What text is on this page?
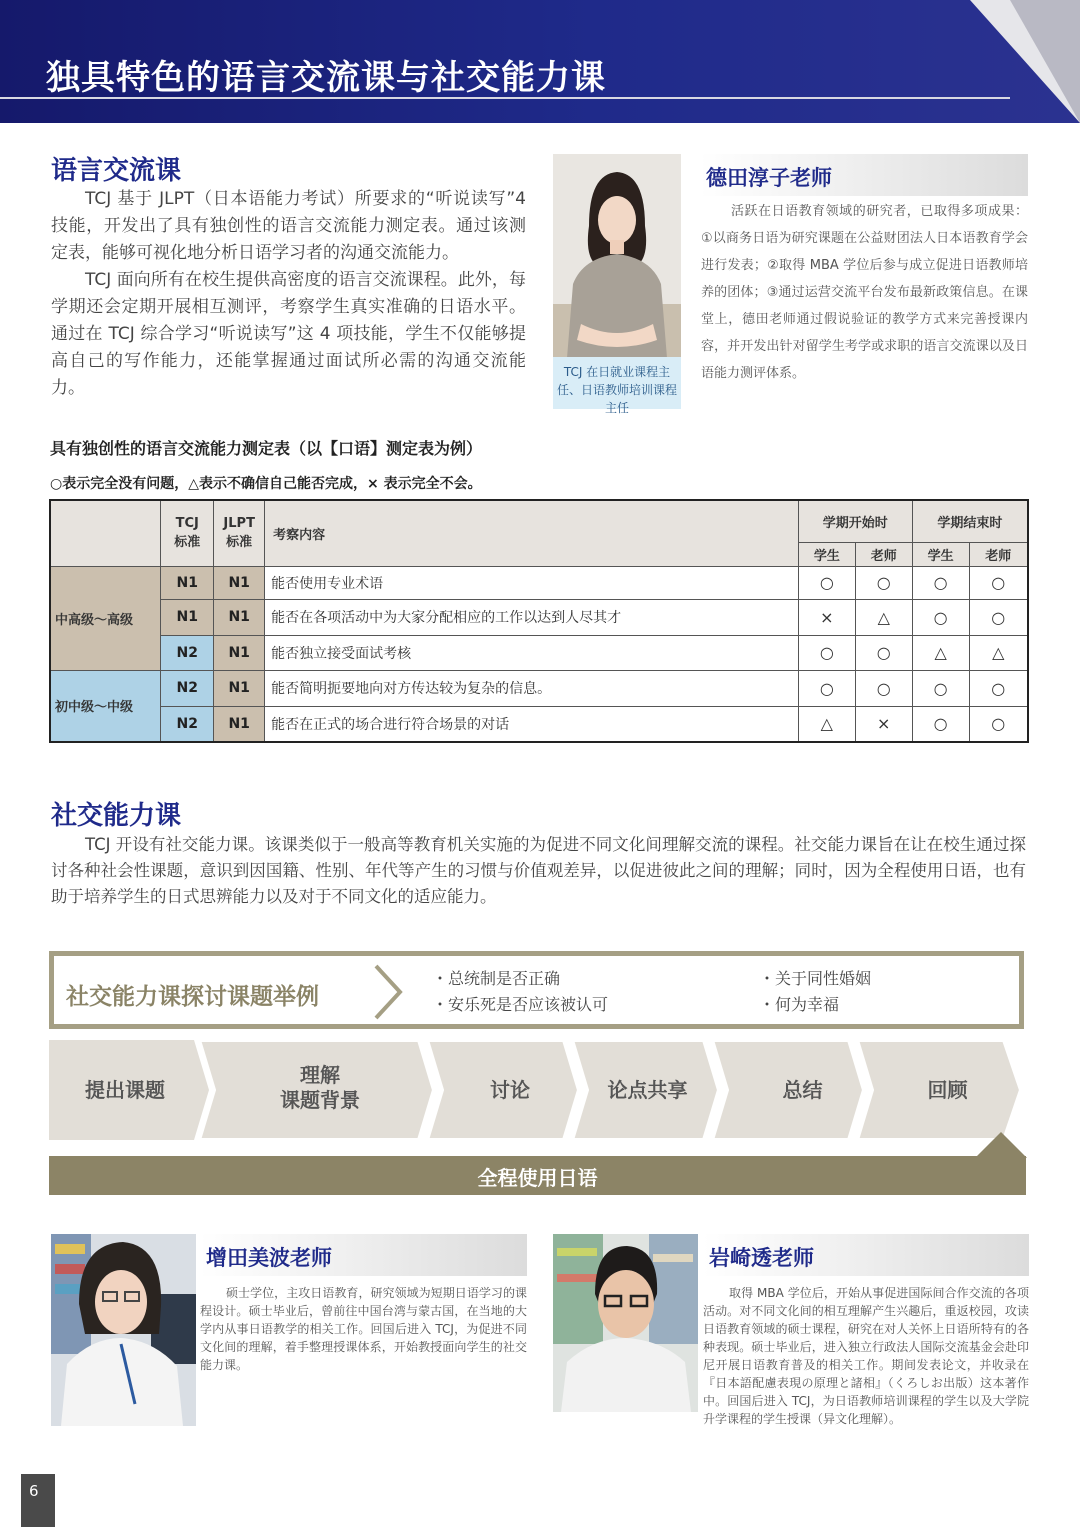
独具特色的语言交流课与社交能力课
语言交流课
TCJ 基于 JLPT（日本语能力考试）所要求的“听说读写”4 技能，开发出了具有独创性的语言交流能力测定表。通过该测定表，能够可视化地分析日语学习者的沟通交流能力。
TCJ 面向所有在校生提供高密度的语言交流课程。此外，每学期还会定期开展相互测评，考察学生真实准确的日语水平。通过在 TCJ 综合学习“听说读写”这 4 项技能，学生不仅能够提高自己的写作能力，还能掌握通过面试所必需的沟通交流能力。
TCJ 在日就业课程主任、日语教师培训课程主任
德田淳子老师
活跃在日语教育领域的研究者，已取得多项成果：①以商务日语为研究课题在公益财团法人日本语教育学会进行发表；②取得 MBA 学位后参与成立促进日语教师培养的团体；③通过运营交流平台发布最新政策信息。在课堂上，德田老师通过假说验证的教学方式来完善授课内容，并开发出针对留学生考学或求职的语言交流课以及日语能力测评体系。
具有独创性的语言交流能力测定表（以【口语】测定表为例）
○表示完全没有问题，△表示不确信自己能否完成，× 表示完全不会。
	TCJ 标准	JLPT 标准	考察内容	学期开始时		学期结束时	
				学生	老师	学生	老师
中高级～高级	N1	N1	能否使用专业术语	○	○	○	○
	N1	N1	能否在各项活动中为大家分配相应的工作以达到人尽其才	×	△	○	○
	N2	N1	能否独立接受面试考核	○	○	△	△
初中级～中级	N2	N1	能否简明扼要地向对方传达较为复杂的信息。	○	○	○	○
	N2	N1	能否在正式的场合进行符合场景的对话	△	×	○	○
社交能力课
TCJ 开设有社交能力课。该课类似于一般高等教育机关实施的为促进不同文化间理解交流的课程。社交能力课旨在让在校生通过探讨各种社会性课题，意识到因国籍、性别、年代等产生的习惯与价值观差异，以促进彼此之间的理解；同时，因为全程使用日语，也有助于培养学生的日式思辨能力以及对于不同文化的适应能力。
社交能力课探讨课题举例
・总统制是否正确	・关于同性婚姻
・安乐死是否应该被认可	・何为幸福
提出课题
理解
课题背景	讨论	论点共享	总结	回顾
全程使用日语
增田美波老师
硕士学位，主攻日语教育，研究领域为短期日语学习的课程设计。硕士毕业后，曾前往中国台湾与蒙古国，在当地的大学内从事日语教学的相关工作。回国后进入 TCJ，为促进不同文化间的理解，着手整理授课体系，开始教授面向学生的社交能力课。
岩崎透老师
取得 MBA 学位后，开始从事促进国际间合作交流的各项活动。对不同文化间的相互理解产生兴趣后，重返校园，攻读日语教育领域的硕士课程，研究在对人关怀上日语所特有的各种表现。硕士毕业后，进入独立行政法人国际交流基金会赴印尼开展日语教育普及的相关工作。期间发表论文，并收录在『日本語配慮表現の原理と諸相』（くろしお出版）这本著作中。回国后进入 TCJ，为日语教师培训课程的学生以及大学院升学课程的学生授课（异文化理解）。
6
